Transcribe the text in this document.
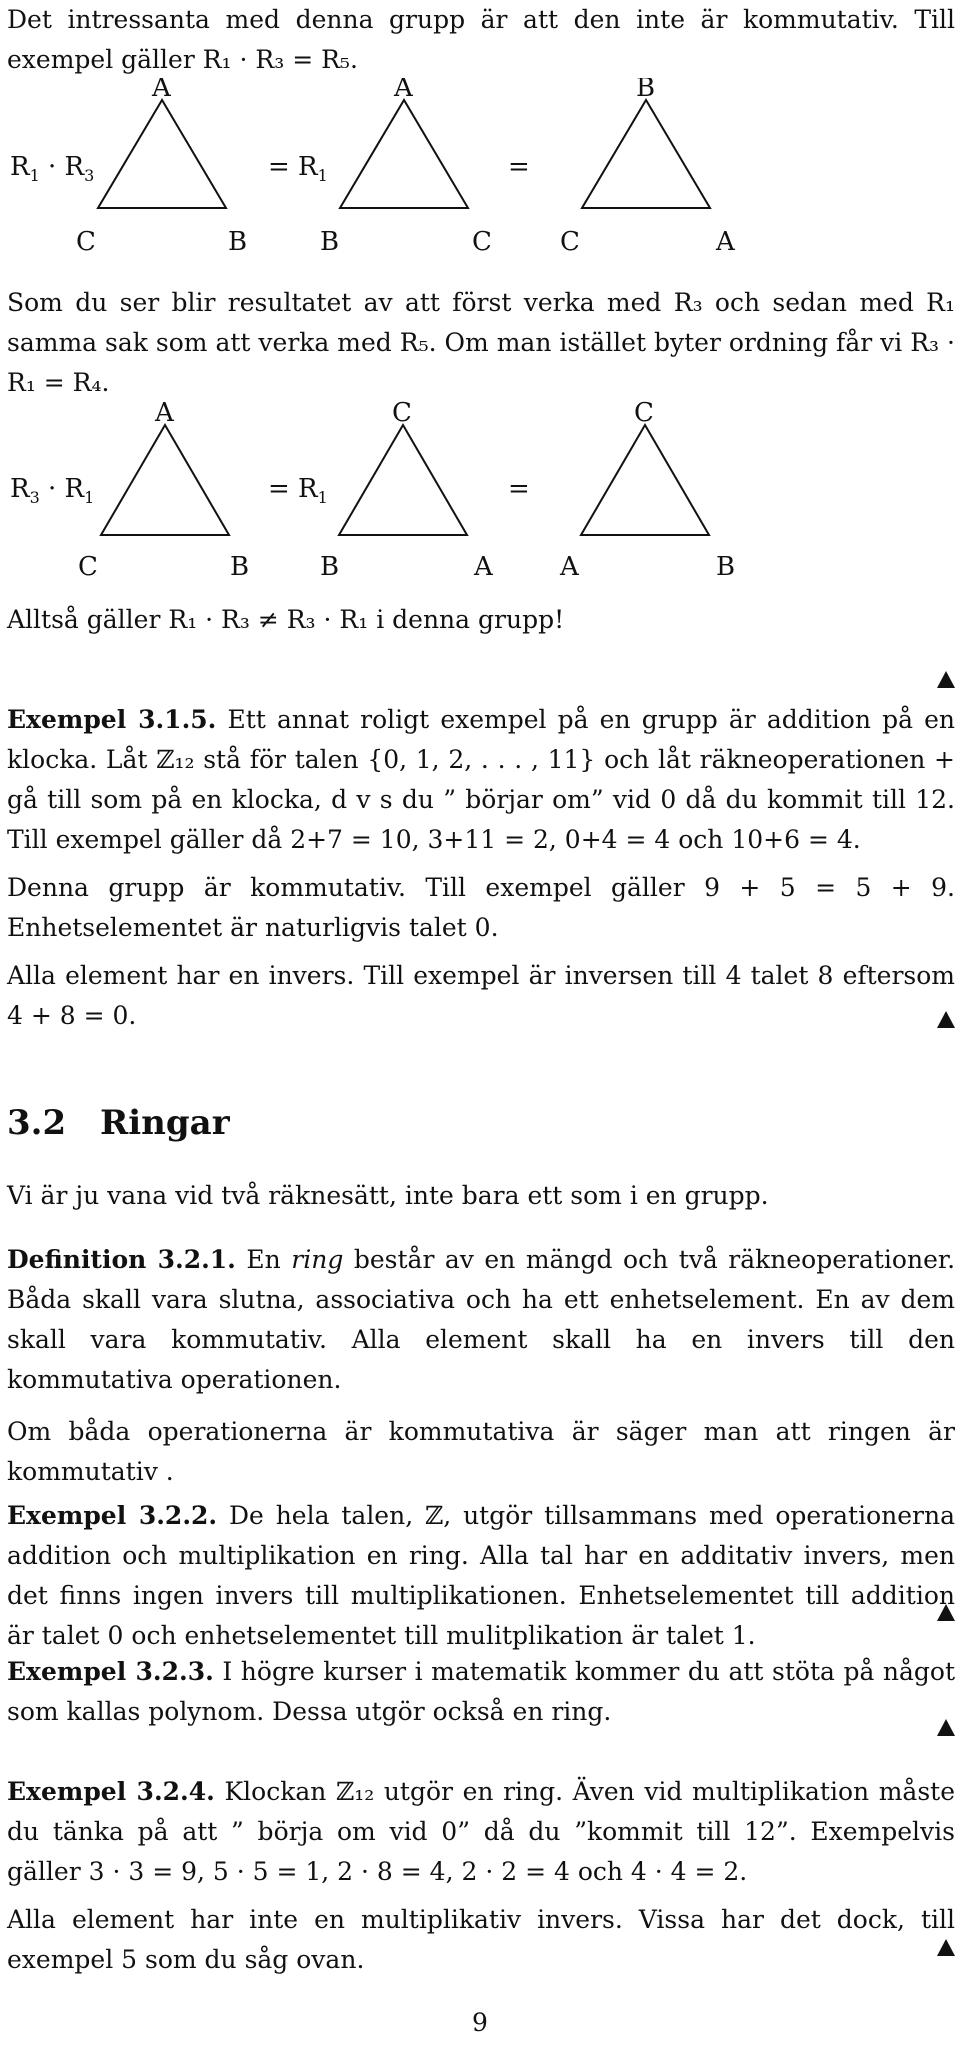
Det intressanta med denna grupp är att den inte är kommutativ. Till exempel gäller R₁ · R₃ = R₅.

$R_1 \cdot R_3$
A
C	B
= $R_1$
A
B	C
=
B
C	A

Som du ser blir resultatet av att först verka med R₃ och sedan med R₁ samma sak som att verka med R₅. Om man istället byter ordning får vi R₃ · R₁ = R₄.

$R_3 \cdot R_1$
A
C	B
= $R_1$
C
B	A
=
C
A	B

Alltså gäller R₁ · R₃ ≠ R₃ · R₁ i denna grupp!

Exempel 3.1.5. Ett annat roligt exempel på en grupp är addition på en klocka. Låt ℤ₁₂ stå för talen {0, 1, 2, . . . , 11} och låt räkneoperationen + gå till som på en klocka, d v s du ” börjar om” vid 0 då du kommit till 12. Till exempel gäller då 2+7 = 10, 3+11 = 2, 0+4 = 4 och 10+6 = 4.

Denna grupp är kommutativ. Till exempel gäller 9 + 5 = 5 + 9. Enhetselementet är naturligvis talet 0.

Alla element har en invers. Till exempel är inversen till 4 talet 8 eftersom 4 + 8 = 0.

3.2 Ringar

Vi är ju vana vid två räknesätt, inte bara ett som i en grupp.

Definition 3.2.1. En ring består av en mängd och två räkneoperationer. Båda skall vara slutna, associativa och ha ett enhetselement. En av dem skall vara kommutativ. Alla element skall ha en invers till den kommutativa operationen.

Om båda operationerna är kommutativa är säger man att ringen är kommutativ .

Exempel 3.2.2. De hela talen, ℤ, utgör tillsammans med operationerna addition och multiplikation en ring. Alla tal har en additativ invers, men det finns ingen invers till multiplikationen. Enhetselementet till addition är talet 0 och enhetselementet till mulitplikation är talet 1.

Exempel 3.2.3. I högre kurser i matematik kommer du att stöta på något som kallas polynom. Dessa utgör också en ring.

Exempel 3.2.4. Klockan ℤ₁₂ utgör en ring. Även vid multiplikation måste du tänka på att ” börja om vid 0” då du ”kommit till 12”. Exempelvis gäller 3 · 3 = 9, 5 · 5 = 1, 2 · 8 = 4, 2 · 2 = 4 och 4 · 4 = 2.

Alla element har inte en multiplikativ invers. Vissa har det dock, till exempel 5 som du såg ovan.

9
